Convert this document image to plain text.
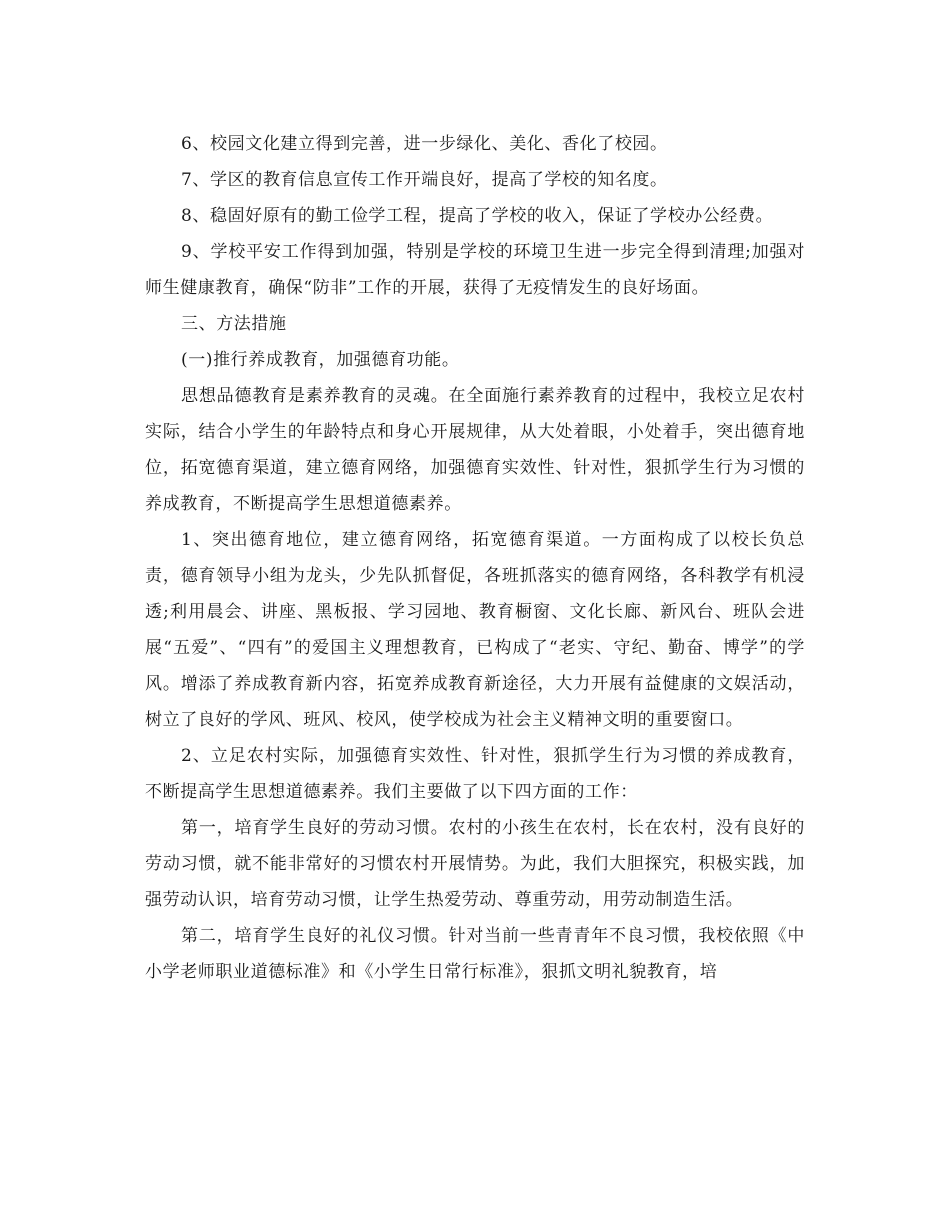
6、校园文化建立得到完善，进一步绿化、美化、香化了校园。

7、学区的教育信息宣传工作开端良好，提高了学校的知名度。

8、稳固好原有的勤工俭学工程，提高了学校的收入，保证了学校办公经费。

9、学校平安工作得到加强，特别是学校的环境卫生进一步完全得到清理;加强对师生健康教育，确保“防非”工作的开展，获得了无疫情发生的良好场面。

三、方法措施

(一)推行养成教育，加强德育功能。

思想品德教育是素养教育的灵魂。在全面施行素养教育的过程中，我校立足农村实际，结合小学生的年龄特点和身心开展规律，从大处着眼，小处着手，突出德育地位，拓宽德育渠道，建立德育网络，加强德育实效性、针对性，狠抓学生行为习惯的养成教育，不断提高学生思想道德素养。

1、突出德育地位，建立德育网络，拓宽德育渠道。一方面构成了以校长负总责，德育领导小组为龙头，少先队抓督促，各班抓落实的德育网络，各科教学有机浸透;利用晨会、讲座、黑板报、学习园地、教育橱窗、文化长廊、新风台、班队会进展“五爱”、“四有”的爱国主义理想教育，已构成了“老实、守纪、勤奋、博学”的学风。增添了养成教育新内容，拓宽养成教育新途径，大力开展有益健康的文娱活动，树立了良好的学风、班风、校风，使学校成为社会主义精神文明的重要窗口。

2、立足农村实际，加强德育实效性、针对性，狠抓学生行为习惯的养成教育，不断提高学生思想道德素养。我们主要做了以下四方面的工作：

第一，培育学生良好的劳动习惯。农村的小孩生在农村，长在农村，没有良好的劳动习惯，就不能非常好的习惯农村开展情势。为此，我们大胆探究，积极实践，加强劳动认识，培育劳动习惯，让学生热爱劳动、尊重劳动，用劳动制造生活。

第二，培育学生良好的礼仪习惯。针对当前一些青青年不良习惯，我校依照《中小学老师职业道德标准》和《小学生日常行标准》，狠抓文明礼貌教育，培
